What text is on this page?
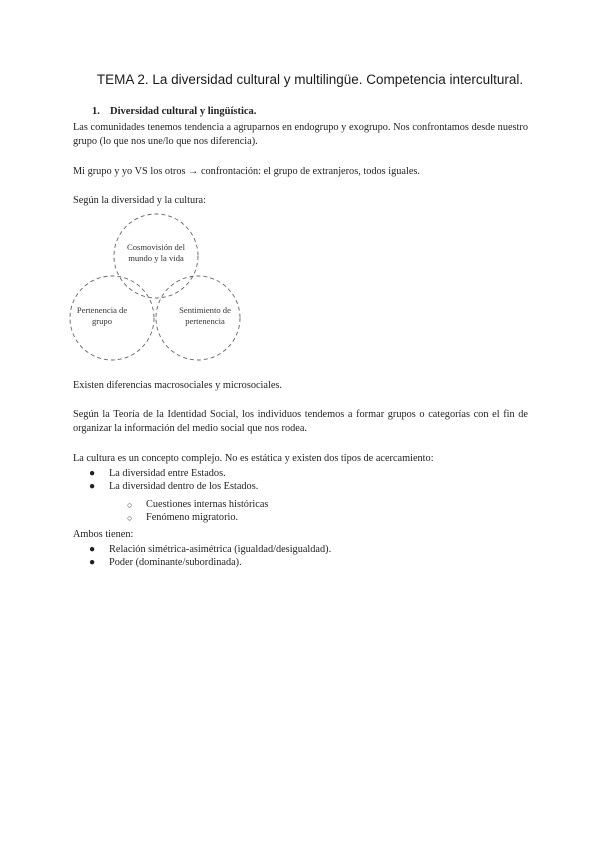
TEMA 2. La diversidad cultural y multilingüe. Competencia intercultural.
1. Diversidad cultural y lingüística.

Las comunidades tenemos tendencia a agruparnos en endogrupo y exogrupo. Nos confrontamos desde nuestro grupo (lo que nos une/lo que nos diferencia).

Mi grupo y yo VS los otros → confrontación: el grupo de extranjeros, todos iguales.

Según la diversidad y la cultura:

Cosmovisión del
mundo y la vida
Pertenencia de
grupo
Sentimiento de
pertenencia

Existen diferencias macrosociales y microsociales.

Según la Teoría de la Identidad Social, los individuos tendemos a formar grupos o categorías con el fin de organizar la información del medio social que nos rodea.

La cultura es un concepto complejo. No es estática y existen dos tipos de acercamiento:

● La diversidad entre Estados.
● La diversidad dentro de los Estados.
○ Cuestiones internas históricas
○ Fenómeno migratorio.

Ambos tienen:

● Relación simétrica-asimétrica (igualdad/desigualdad).
● Poder (dominante/subordinada).
